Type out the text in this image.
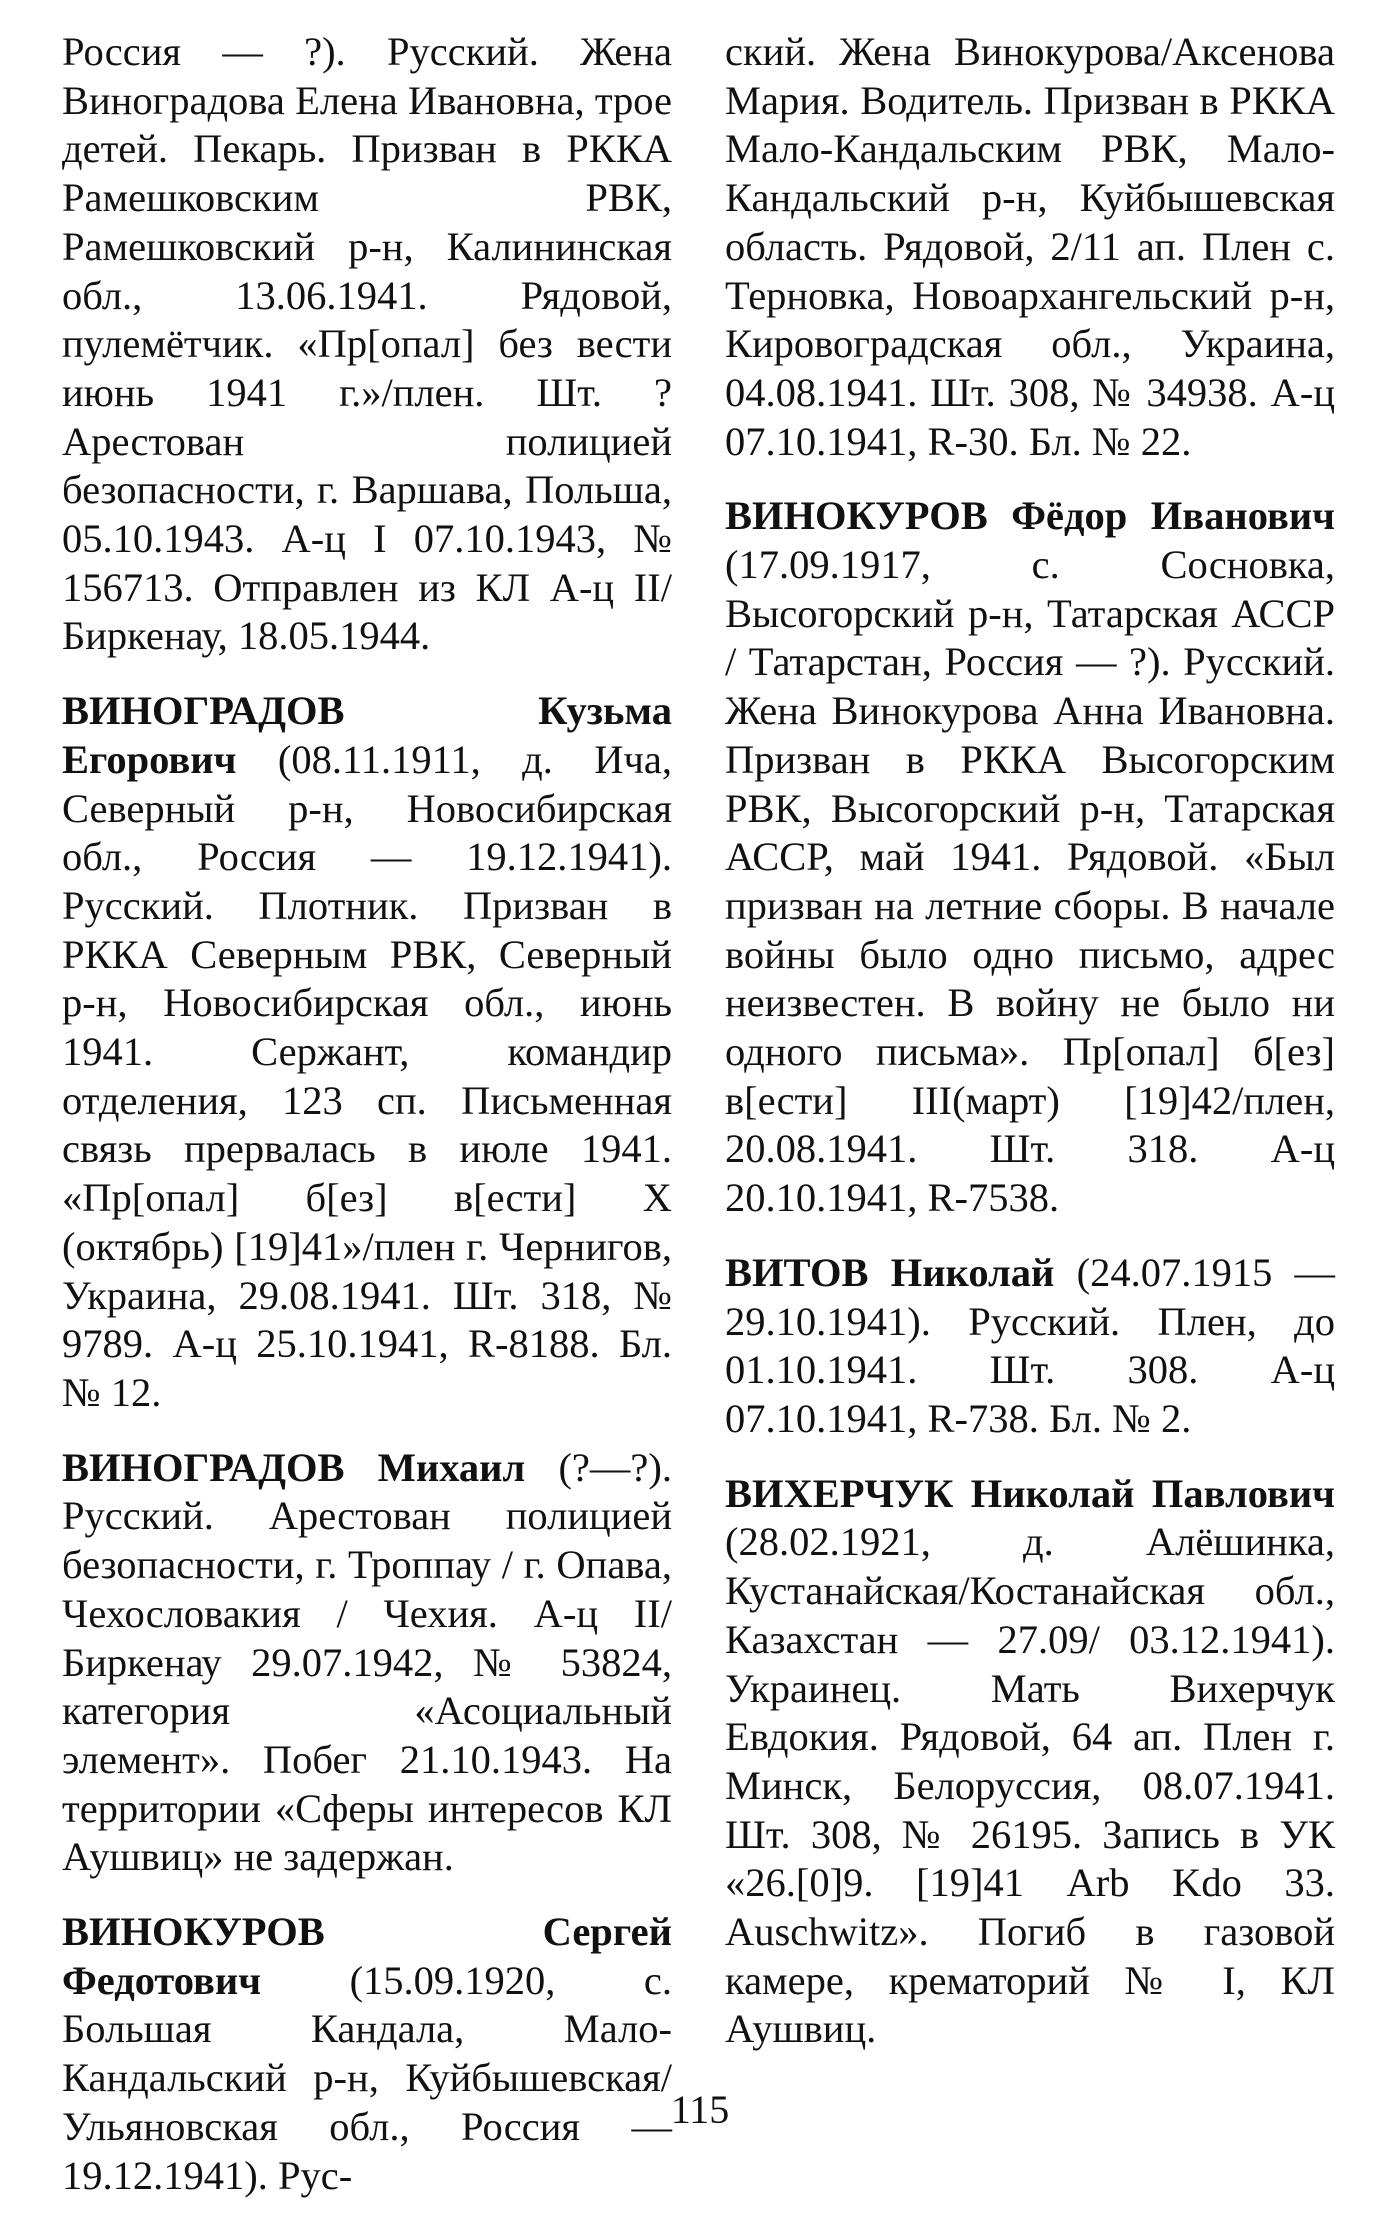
Россия — ?). Русский. Жена Виноградова Елена Ивановна, трое детей. Пекарь. Призван в РККА Рамешковским РВК, Рамешковский р-н, Калининская обл., 13.06.1941. Рядовой, пулемётчик. «Пр[опал] без вести июнь 1941 г.»/плен. Шт. ? Арестован полицией безопасности, г. Варшава, Польша, 05.10.1943. А-ц I 07.10.1943, № 156713. Отправлен из КЛ А-ц II/Биркенау, 18.05.1944.

ВИНОГРАДОВ Кузьма Егорович (08.11.1911, д. Ича, Северный р-н, Новосибирская обл., Россия — 19.12.1941). Русский. Плотник. Призван в РККА Северным РВК, Северный р-н, Новосибирская обл., июнь 1941. Сержант, командир отделения, 123 сп. Письменная связь прервалась в июле 1941. «Пр[опал] б[ез] в[ести] Х (октябрь) [19]41»/плен г. Чернигов, Украина, 29.08.1941. Шт. 318, № 9789. А-ц 25.10.1941, R-8188. Бл. № 12.

ВИНОГРАДОВ Михаил (?—?). Русский. Арестован полицией безопасности, г. Троппау / г. Опава, Чехословакия / Чехия. А-ц II/Биркенау 29.07.1942, № 53824, категория «Асоциальный элемент». Побег 21.10.1943. На территории «Сферы интересов КЛ Аушвиц» не задержан.

ВИНОКУРОВ Сергей Федотович (15.09.1920, с. Большая Кандала, Мало-Кандальский р-н, Куйбышевская/Ульяновская обл., Россия — 19.12.1941). Рус-

ский. Жена Винокурова/Аксенова Мария. Водитель. Призван в РККА Мало-Кандальским РВК, Мало-Кандальский р-н, Куйбышевская область. Рядовой, 2/11 ап. Плен с. Терновка, Новоархангельский р-н, Кировоградская обл., Украина, 04.08.1941. Шт. 308, № 34938. А-ц 07.10.1941, R-30. Бл. № 22.

ВИНОКУРОВ Фёдор Иванович (17.09.1917, с. Сосновка, Высогорский р-н, Татарская АССР / Татарстан, Россия — ?). Русский. Жена Винокурова Анна Ивановна. Призван в РККА Высогорским РВК, Высогорский р-н, Татарская АССР, май 1941. Рядовой. «Был призван на летние сборы. В начале войны было одно письмо, адрес неизвестен. В войну не было ни одного письма». Пр[опал] б[ез] в[ести] III(март) [19]42/плен, 20.08.1941. Шт. 318. А-ц 20.10.1941, R-7538.

ВИТОВ Николай (24.07.1915 — 29.10.1941). Русский. Плен, до 01.10.1941. Шт. 308. А-ц 07.10.1941, R-738. Бл. № 2.

ВИХЕРЧУК Николай Павлович (28.02.1921, д. Алёшинка, Кустанайская/Костанайская обл., Казахстан — 27.09/ 03.12.1941). Украинец. Мать Вихерчук Евдокия. Рядовой, 64 ап. Плен г. Минск, Белоруссия, 08.07.1941. Шт. 308, № 26195. Запись в УК «26.[0]9. [19]41 Arb Kdo 33. Auschwitz». Погиб в газовой камере, крематорий № I, КЛ Аушвиц.

115
